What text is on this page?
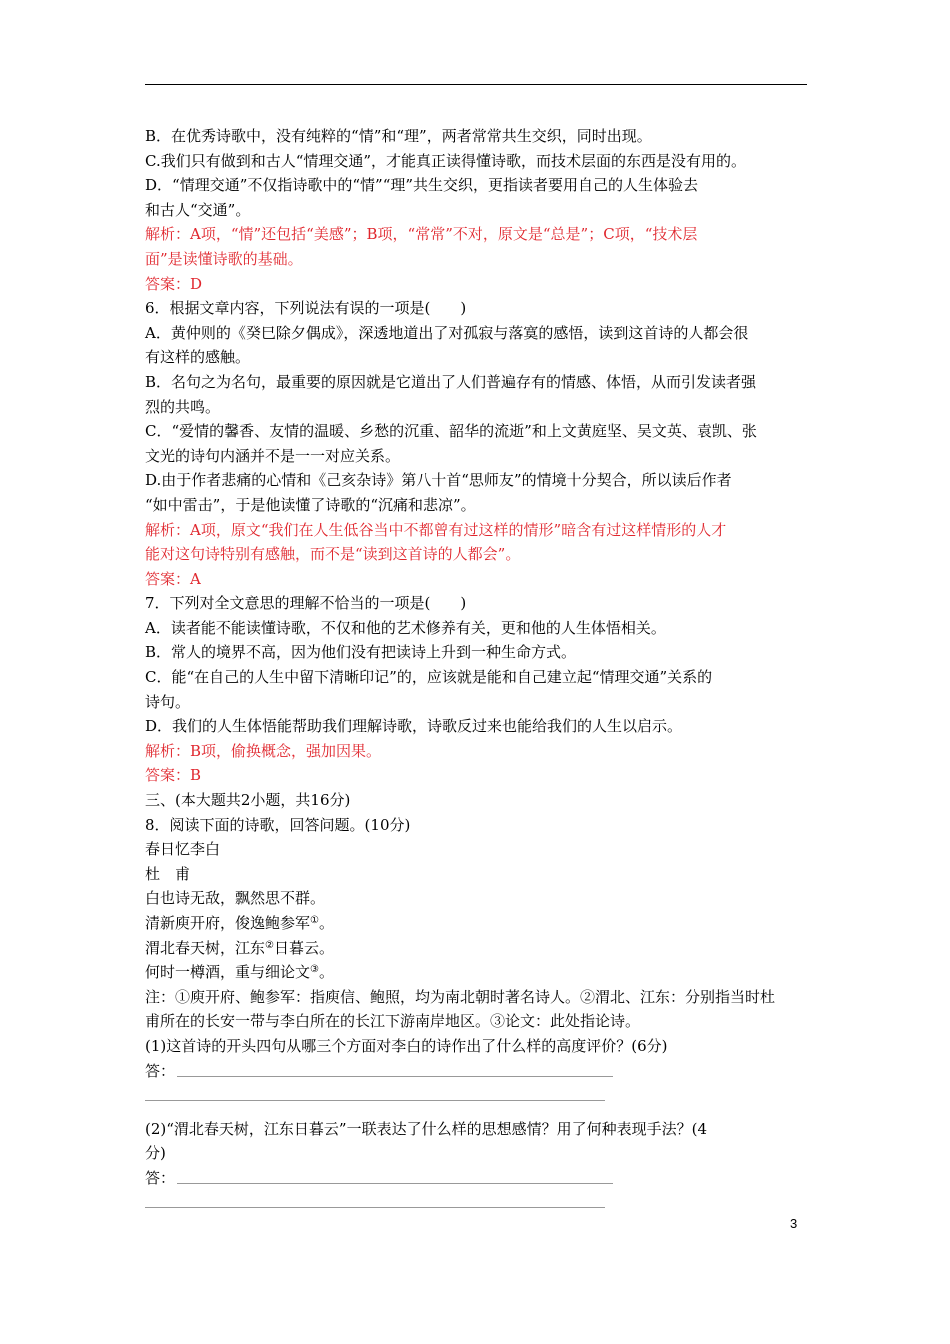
B．在优秀诗歌中，没有纯粹的“情”和“理”，两者常常共生交织，同时出现。
C.我们只有做到和古人“情理交通”，才能真正读得懂诗歌，而技术层面的东西是没有用的。
D．“情理交通”不仅指诗歌中的“情”“理”共生交织，更指读者要用自己的人生体验去
和古人“交通”。
解析：A项，“情”还包括“美感”；B项，“常常”不对，原文是“总是”；C项，“技术层
面”是读懂诗歌的基础。
答案：D
6．根据文章内容，下列说法有误的一项是(　　)
A．黄仲则的《癸巳除夕偶成》，深透地道出了对孤寂与落寞的感悟，读到这首诗的人都会很
有这样的感触。
B．名句之为名句，最重要的原因就是它道出了人们普遍存有的情感、体悟，从而引发读者强
烈的共鸣。
C．“爱情的馨香、友情的温暖、乡愁的沉重、韶华的流逝”和上文黄庭坚、吴文英、袁凯、张
文光的诗句内涵并不是一一对应关系。
D.由于作者悲痛的心情和《己亥杂诗》第八十首“思师友”的情境十分契合，所以读后作者
“如中雷击”，于是他读懂了诗歌的“沉痛和悲凉”。
解析：A项，原文“我们在人生低谷当中不都曾有过这样的情形”暗含有过这样情形的人才
能对这句诗特别有感触，而不是“读到这首诗的人都会”。
答案：A
7．下列对全文意思的理解不恰当的一项是(　　)
A．读者能不能读懂诗歌，不仅和他的艺术修养有关，更和他的人生体悟相关。
B．常人的境界不高，因为他们没有把读诗上升到一种生命方式。
C．能“在自己的人生中留下清晰印记”的，应该就是能和自己建立起“情理交通”关系的
诗句。
D．我们的人生体悟能帮助我们理解诗歌，诗歌反过来也能给我们的人生以启示。
解析：B项，偷换概念，强加因果。
答案：B
三、(本大题共2小题，共16分)
8．阅读下面的诗歌，回答问题。(10分)
春日忆李白
杜　甫
白也诗无敌，飘然思不群。
清新庾开府，俊逸鲍参军①。
渭北春天树，江东②日暮云。
何时一樽酒，重与细论文③。
注：①庾开府、鲍参军：指庾信、鲍照，均为南北朝时著名诗人。②渭北、江东：分别指当时杜
甫所在的长安一带与李白所在的长江下游南岸地区。③论文：此处指论诗。
(1)这首诗的开头四句从哪三个方面对李白的诗作出了什么样的高度评价？(6分)
答：
(2)“渭北春天树，江东日暮云”一联表达了什么样的思想感情？用了何种表现手法？(4
分)
答：
3
